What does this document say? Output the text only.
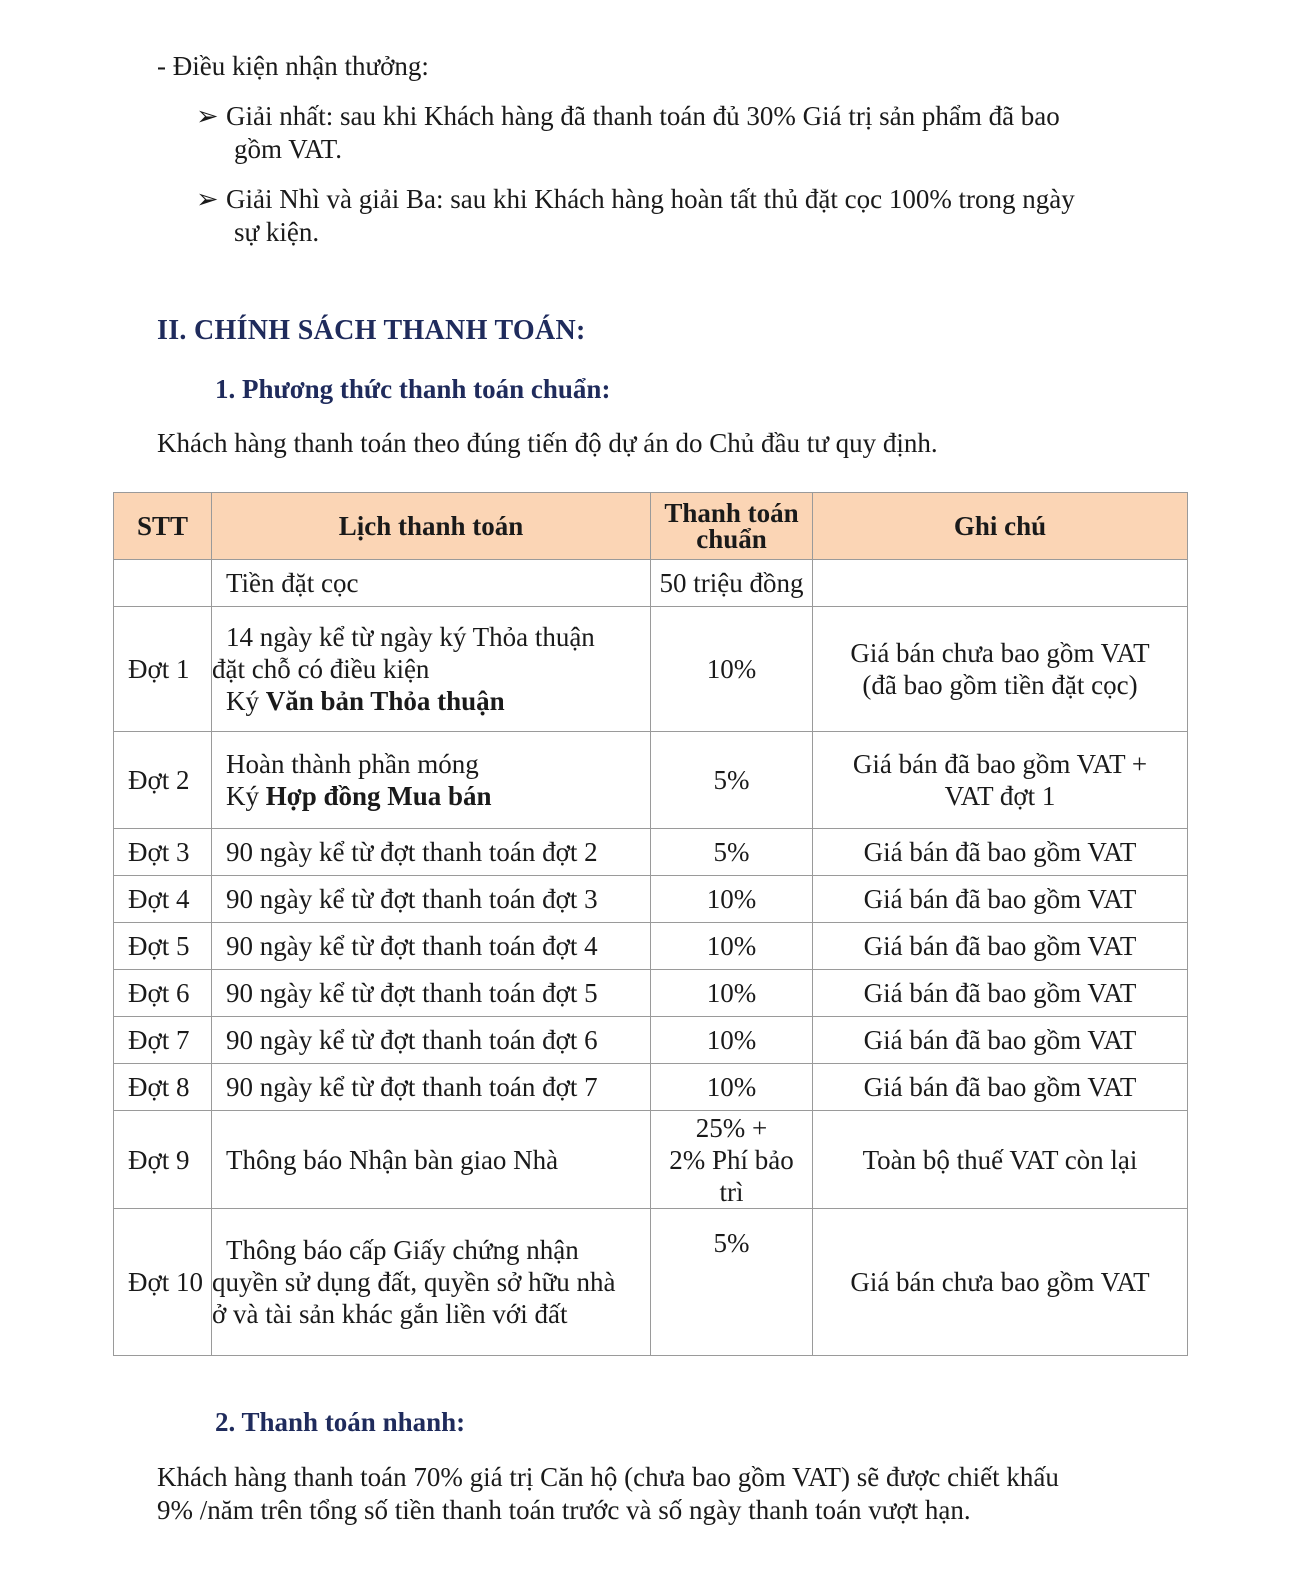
- Điều kiện nhận thưởng:

➢ Giải nhất: sau khi Khách hàng đã thanh toán đủ 30% Giá trị sản phẩm đã bao
gồm VAT.
➢ Giải Nhì và giải Ba: sau khi Khách hàng hoàn tất thủ đặt cọc 100% trong ngày
sự kiện.

II. CHÍNH SÁCH THANH TOÁN:

1. Phương thức thanh toán chuẩn:

Khách hàng thanh toán theo đúng tiến độ dự án do Chủ đầu tư quy định.

STT	Lịch thanh toán	Thanh toán
chuẩn	Ghi chú
	Tiền đặt cọc	50 triệu đồng	
Đợt 1	14 ngày kể từ ngày ký Thỏa thuận
đặt chỗ có điều kiện
Ký Văn bản Thỏa thuận	10%	Giá bán chưa bao gồm VAT
(đã bao gồm tiền đặt cọc)

Đợt 2	Hoàn thành phần móng
Ký Hợp đồng Mua bán	5%	Giá bán đã bao gồm VAT +
VAT đợt 1

Đợt 3	90 ngày kể từ đợt thanh toán đợt 2	5%	Giá bán đã bao gồm VAT
Đợt 4	90 ngày kể từ đợt thanh toán đợt 3	10%	Giá bán đã bao gồm VAT
Đợt 5	90 ngày kể từ đợt thanh toán đợt 4	10%	Giá bán đã bao gồm VAT
Đợt 6	90 ngày kể từ đợt thanh toán đợt 5	10%	Giá bán đã bao gồm VAT
Đợt 7	90 ngày kể từ đợt thanh toán đợt 6	10%	Giá bán đã bao gồm VAT
Đợt 8	90 ngày kể từ đợt thanh toán đợt 7	10%	Giá bán đã bao gồm VAT
Đợt 9	Thông báo Nhận bàn giao Nhà	25% +
2% Phí bảo
trì	Toàn bộ thuế VAT còn lại
Đợt 10	Thông báo cấp Giấy chứng nhận
quyền sử dụng đất, quyền sở hữu nhà
ở và tài sản khác gắn liền với đất	5%	Giá bán chưa bao gồm VAT

2. Thanh toán nhanh:

Khách hàng thanh toán 70% giá trị Căn hộ (chưa bao gồm VAT) sẽ được chiết khấu
9% /năm trên tổng số tiền thanh toán trước và số ngày thanh toán vượt hạn.
